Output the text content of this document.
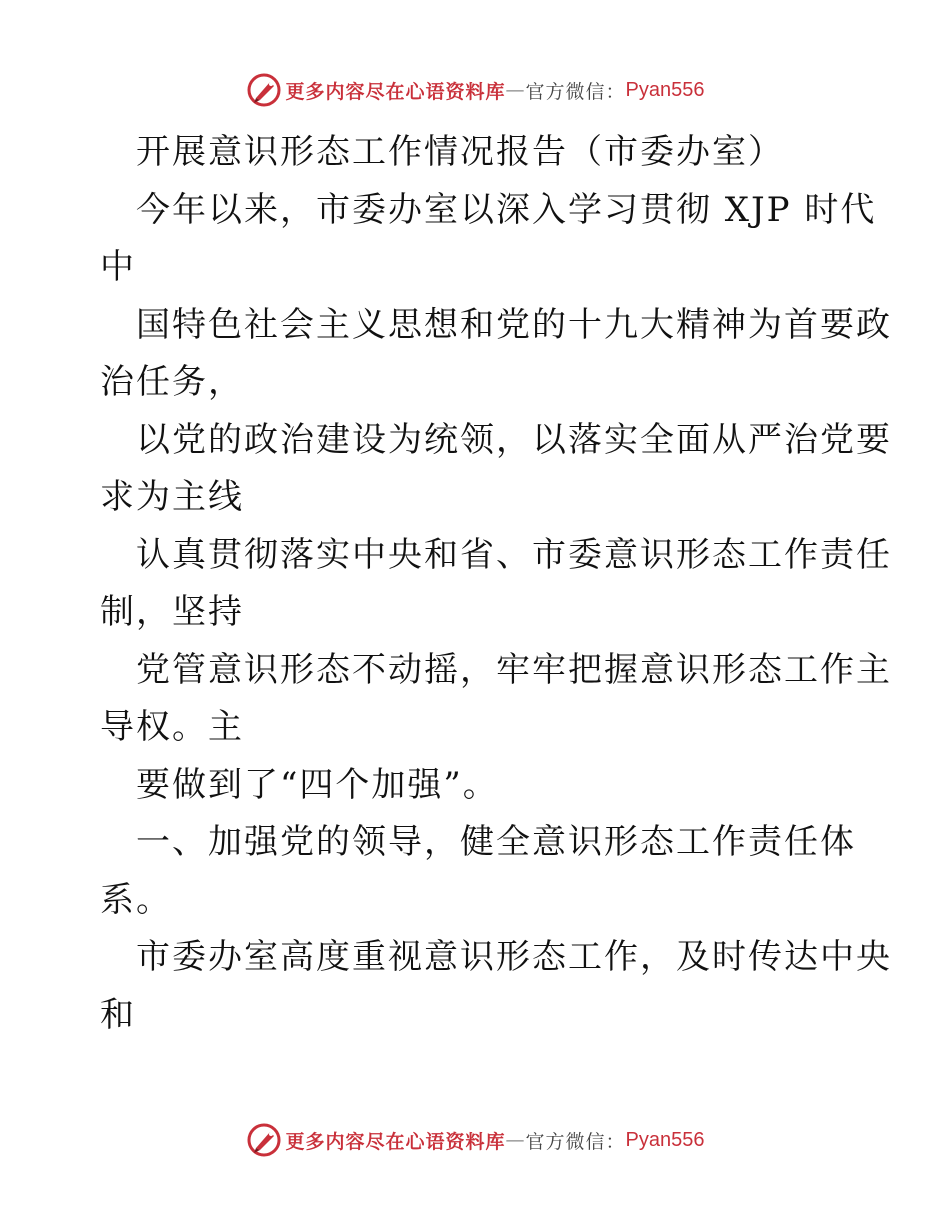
更多内容尽在心语资料库 — 官方微信： Pyan556

开展意识形态工作情况报告（市委办室）

今年以来，市委办室以深入学习贯彻 XJP 时代

中

国特色社会主义思想和党的十九大精神为首要政

治任务，

以党的政治建设为统领，以落实全面从严治党要

求为主线

认真贯彻落实中央和省、市委意识形态工作责任

制，坚持

党管意识形态不动摇，牢牢把握意识形态工作主

导权。主

要做到了“四个加强”。

一、加强党的领导，健全意识形态工作责任体

系。

市委办室高度重视意识形态工作，及时传达中央

和

更多内容尽在心语资料库 — 官方微信： Pyan556
